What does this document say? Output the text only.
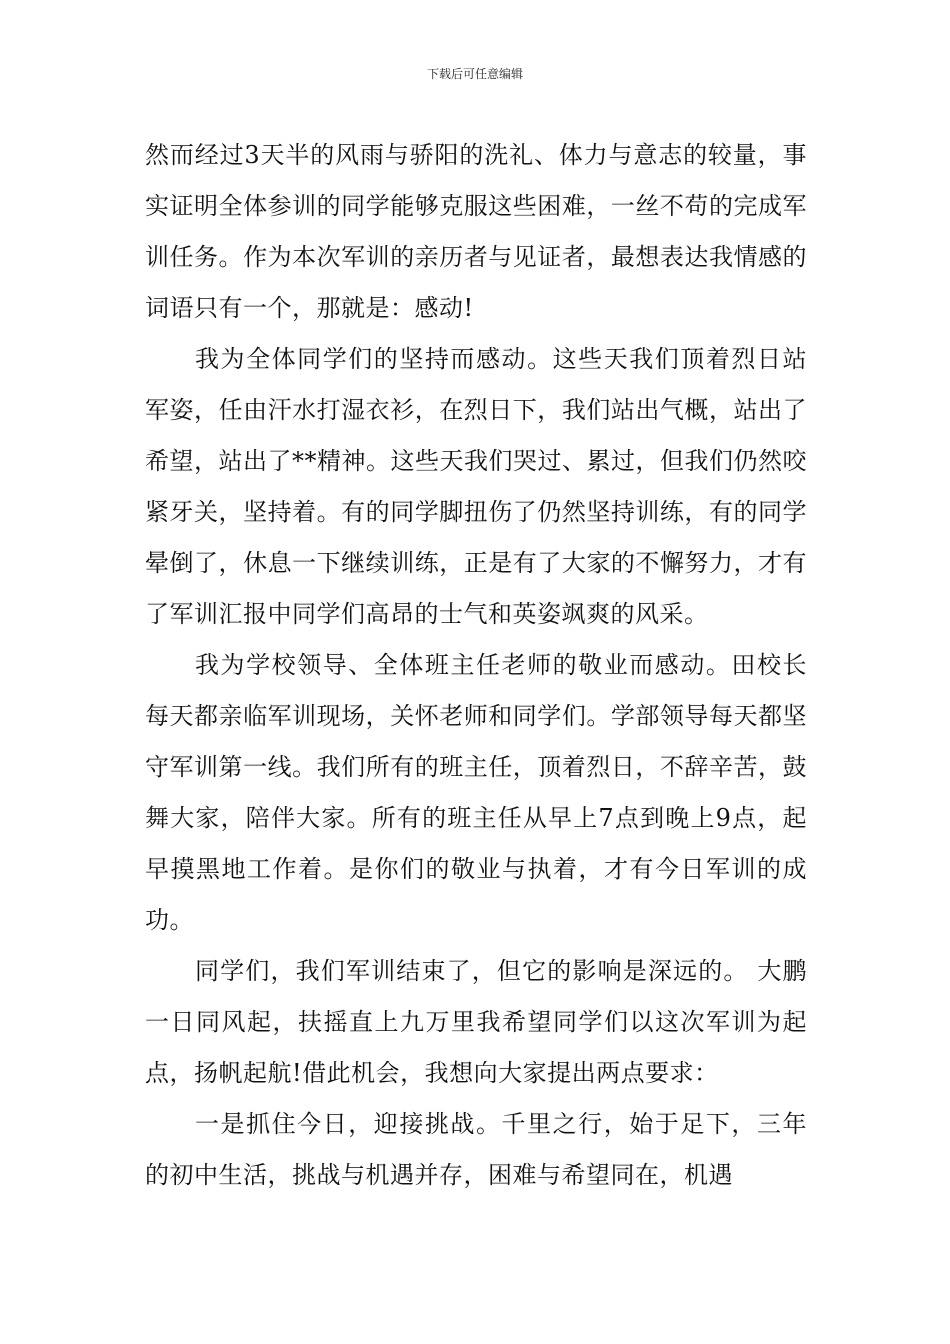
下载后可任意编辑

然而经过3天半的风雨与骄阳的洗礼、体力与意志的较量，事实证明全体参训的同学能够克服这些困难，一丝不苟的完成军训任务。作为本次军训的亲历者与见证者，最想表达我情感的词语只有一个，那就是：感动!

我为全体同学们的坚持而感动。这些天我们顶着烈日站军姿，任由汗水打湿衣衫，在烈日下，我们站出气概，站出了希望，站出了**精神。这些天我们哭过、累过，但我们仍然咬紧牙关，坚持着。有的同学脚扭伤了仍然坚持训练，有的同学晕倒了，休息一下继续训练，正是有了大家的不懈努力，才有了军训汇报中同学们高昂的士气和英姿飒爽的风采。

我为学校领导、全体班主任老师的敬业而感动。田校长每天都亲临军训现场，关怀老师和同学们。学部领导每天都坚守军训第一线。我们所有的班主任，顶着烈日，不辞辛苦，鼓舞大家，陪伴大家。所有的班主任从早上7点到晚上9点，起早摸黑地工作着。是你们的敬业与执着，才有今日军训的成功。

同学们，我们军训结束了，但它的影响是深远的。 大鹏一日同风起，扶摇直上九万里我希望同学们以这次军训为起点，扬帆起航!借此机会，我想向大家提出两点要求：

一是抓住今日，迎接挑战。千里之行，始于足下，三年的初中生活，挑战与机遇并存，困难与希望同在，机遇
